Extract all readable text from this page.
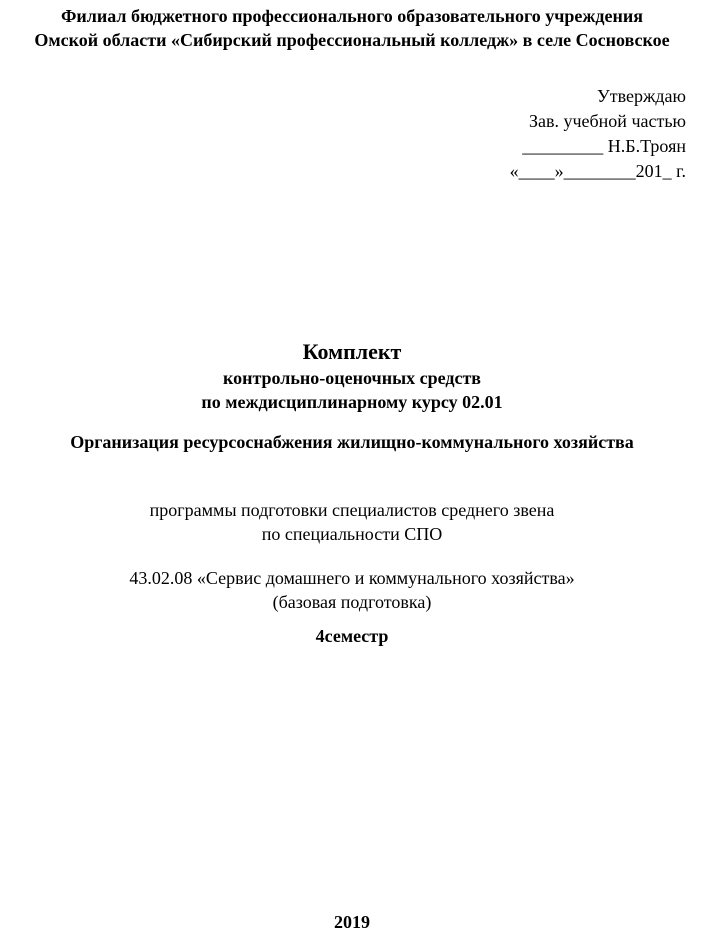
Филиал бюджетного профессионального образовательного учреждения
Омской области «Сибирский профессиональный колледж» в селе Сосновское
Утверждаю
Зав. учебной частью
_________ Н.Б.Троян
«____»________201_ г.
Комплект
контрольно-оценочных средств
по междисциплинарному курсу 02.01
Организация ресурсоснабжения жилищно-коммунального хозяйства
программы подготовки специалистов среднего звена
по специальности СПО
43.02.08 «Сервис домашнего и коммунального хозяйства»
(базовая подготовка)
4семестр
2019
